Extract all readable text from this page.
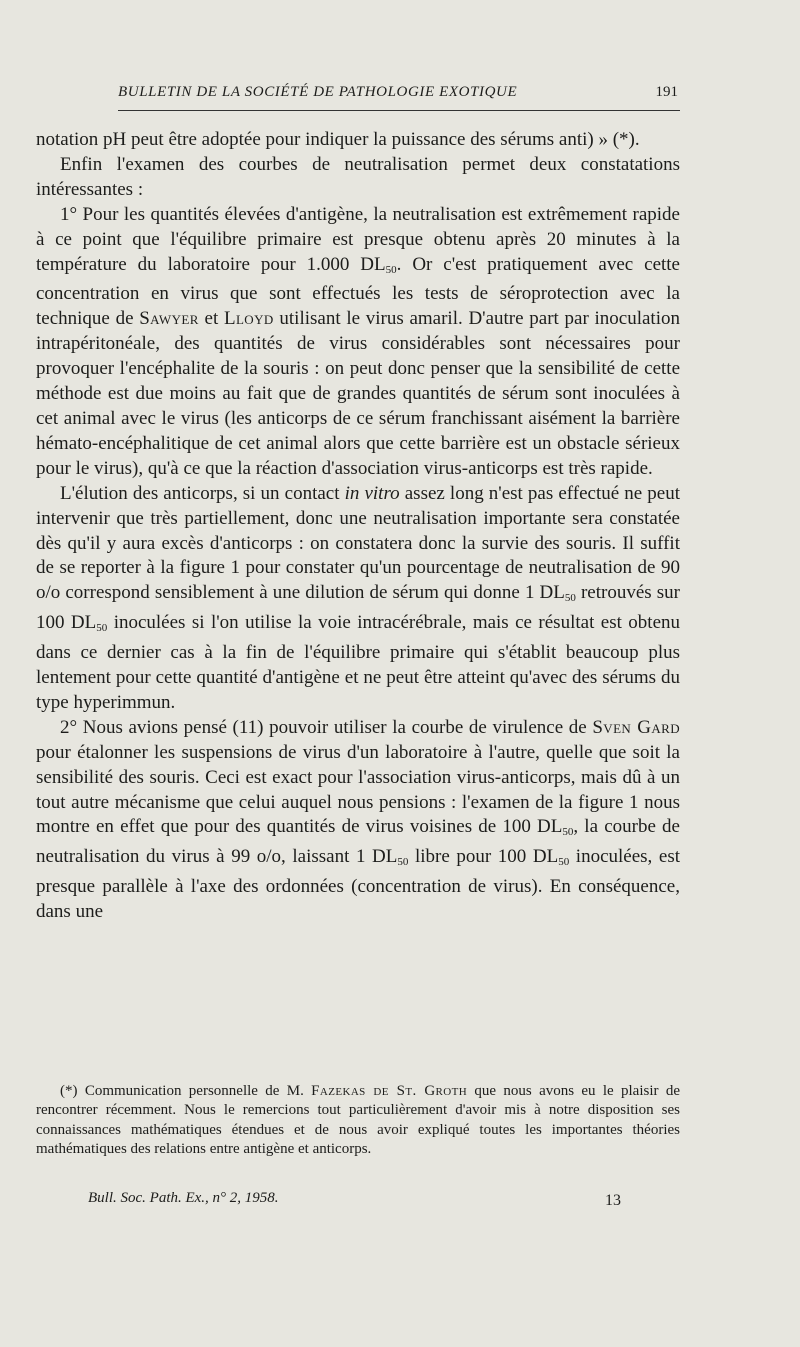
BULLETIN DE LA SOCIÉTÉ DE PATHOLOGIE EXOTIQUE	191

notation pH peut être adoptée pour indiquer la puissance des sérums anti) » (*).

Enfin l'examen des courbes de neutralisation permet deux constatations intéressantes :

1° Pour les quantités élevées d'antigène, la neutralisation est extrêmement rapide à ce point que l'équilibre primaire est presque obtenu après 20 minutes à la température du laboratoire pour 1.000 $DL_{50}$. Or c'est pratiquement avec cette concentration en virus que sont effectués les tests de séroprotection avec la technique de Sawyer et Lloyd utilisant le virus amaril. D'autre part par inoculation intrapéritonéale, des quantités de virus considérables sont nécessaires pour provoquer l'encéphalite de la souris : on peut donc penser que la sensibilité de cette méthode est due moins au fait que de grandes quantités de sérum sont inoculées à cet animal avec le virus (les anticorps de ce sérum franchissant aisément la barrière hémato-encéphalitique de cet animal alors que cette barrière est un obstacle sérieux pour le virus), qu'à ce que la réaction d'association virus-anticorps est très rapide.

L'élution des anticorps, si un contact in vitro assez long n'est pas effectué ne peut intervenir que très partiellement, donc une neutralisation importante sera constatée dès qu'il y aura excès d'anticorps : on constatera donc la survie des souris. Il suffit de se reporter à la figure 1 pour constater qu'un pourcentage de neutralisation de 90 o/o correspond sensiblement à une dilution de sérum qui donne 1 $DL_{50}$ retrouvés sur 100 $DL_{50}$ inoculées si l'on utilise la voie intracérébrale, mais ce résultat est obtenu dans ce dernier cas à la fin de l'équilibre primaire qui s'établit beaucoup plus lentement pour cette quantité d'antigène et ne peut être atteint qu'avec des sérums du type hyperimmun.

2° Nous avions pensé (11) pouvoir utiliser la courbe de virulence de Sven Gard pour étalonner les suspensions de virus d'un laboratoire à l'autre, quelle que soit la sensibilité des souris. Ceci est exact pour l'association virus-anticorps, mais dû à un tout autre mécanisme que celui auquel nous pensions : l'examen de la figure 1 nous montre en effet que pour des quantités de virus voisines de 100 $DL_{50}$, la courbe de neutralisation du virus à 99 o/o, laissant 1 $DL_{50}$ libre pour 100 $DL_{50}$ inoculées, est presque parallèle à l'axe des ordonnées (concentration de virus). En conséquence, dans une

(*) Communication personnelle de M. Fazekas de St. Groth que nous avons eu le plaisir de rencontrer récemment. Nous le remercions tout particulièrement d'avoir mis à notre disposition ses connaissances mathématiques étendues et de nous avoir expliqué toutes les importantes théories mathématiques des relations entre antigène et anticorps.

Bull. Soc. Path. Ex., n° 2, 1958.	13
